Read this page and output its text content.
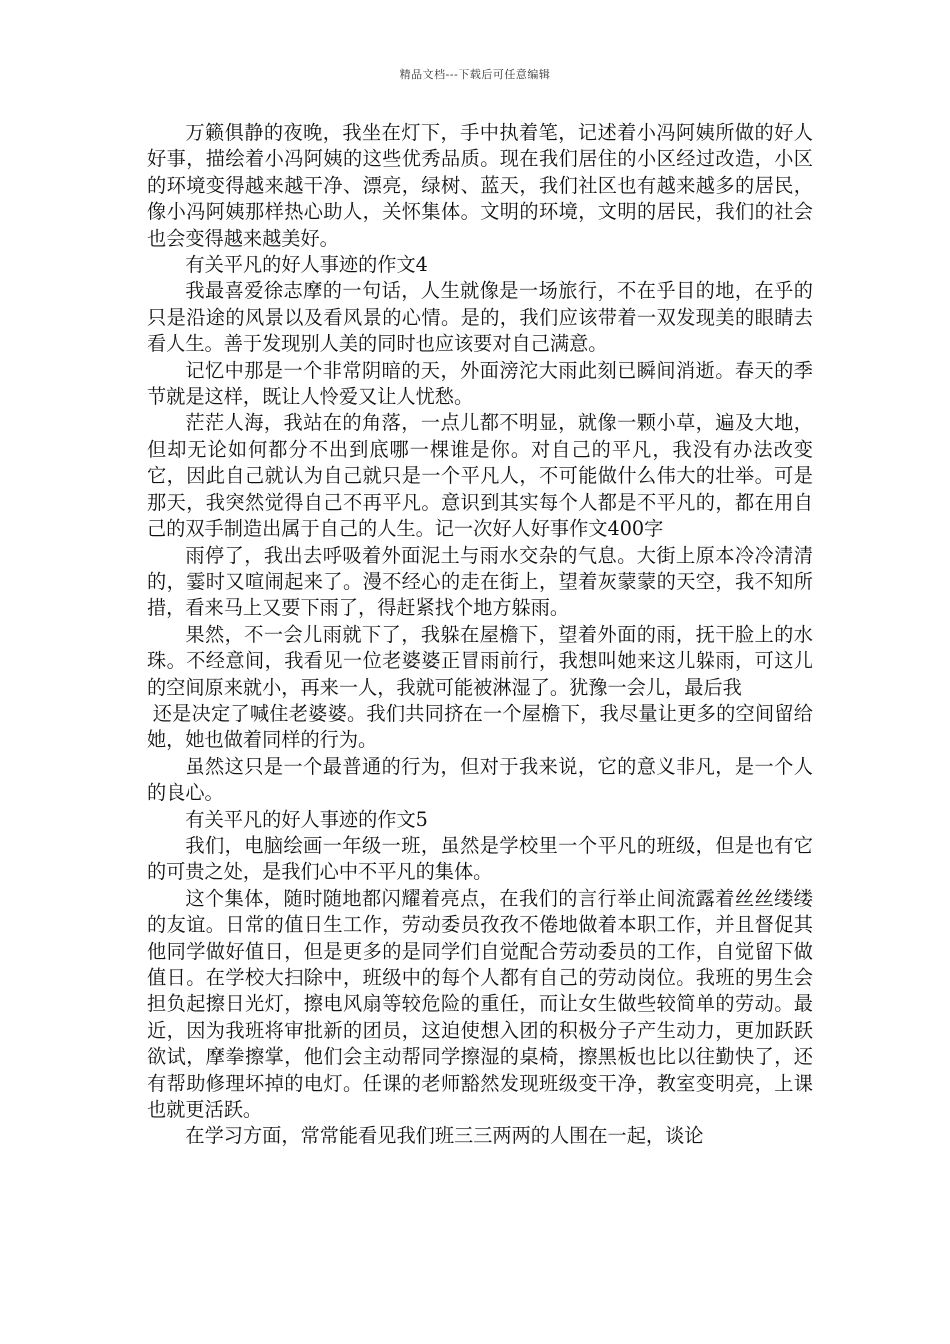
精品文档---下载后可任意编辑

万籁俱静的夜晚，我坐在灯下，手中执着笔，记述着小冯阿姨所做的好人好事，描绘着小冯阿姨的这些优秀品质。现在我们居住的小区经过改造，小区的环境变得越来越干净、漂亮，绿树、蓝天，我们社区也有越来越多的居民，像小冯阿姨那样热心助人，关怀集体。文明的环境，文明的居民，我们的社会也会变得越来越美好。

有关平凡的好人事迹的作文4

我最喜爱徐志摩的一句话，人生就像是一场旅行，不在乎目的地，在乎的只是沿途的风景以及看风景的心情。是的，我们应该带着一双发现美的眼睛去看人生。善于发现别人美的同时也应该要对自己满意。

记忆中那是一个非常阴暗的天，外面滂沱大雨此刻已瞬间消逝。春天的季节就是这样，既让人怜爱又让人忧愁。

茫茫人海，我站在的角落，一点儿都不明显，就像一颗小草，遍及大地，但却无论如何都分不出到底哪一棵谁是你。对自己的平凡，我没有办法改变它，因此自己就认为自己就只是一个平凡人，不可能做什么伟大的壮举。可是那天，我突然觉得自己不再平凡。意识到其实每个人都是不平凡的，都在用自己的双手制造出属于自己的人生。记一次好人好事作文400字

雨停了，我出去呼吸着外面泥土与雨水交杂的气息。大街上原本冷冷清清的，霎时又喧闹起来了。漫不经心的走在街上，望着灰蒙蒙的天空，我不知所措，看来马上又要下雨了，得赶紧找个地方躲雨。

果然，不一会儿雨就下了，我躲在屋檐下，望着外面的雨，抚干脸上的水珠。不经意间，我看见一位老婆婆正冒雨前行，我想叫她来这儿躲雨，可这儿的空间原来就小，再来一人，我就可能被淋湿了。犹豫一会儿，最后我

还是决定了喊住老婆婆。我们共同挤在一个屋檐下，我尽量让更多的空间留给她，她也做着同样的行为。

虽然这只是一个最普通的行为，但对于我来说，它的意义非凡，是一个人的良心。

有关平凡的好人事迹的作文5

我们，电脑绘画一年级一班，虽然是学校里一个平凡的班级，但是也有它的可贵之处，是我们心中不平凡的集体。

这个集体，随时随地都闪耀着亮点，在我们的言行举止间流露着丝丝缕缕的友谊。日常的值日生工作，劳动委员孜孜不倦地做着本职工作，并且督促其他同学做好值日，但是更多的是同学们自觉配合劳动委员的工作，自觉留下做值日。在学校大扫除中，班级中的每个人都有自己的劳动岗位。我班的男生会担负起擦日光灯，擦电风扇等较危险的重任，而让女生做些较简单的劳动。最近，因为我班将审批新的团员，这迫使想入团的积极分子产生动力，更加跃跃欲试，摩拳擦掌，他们会主动帮同学擦湿的桌椅，擦黑板也比以往勤快了，还有帮助修理坏掉的电灯。任课的老师豁然发现班级变干净，教室变明亮，上课也就更活跃。

在学习方面，常常能看见我们班三三两两的人围在一起，谈论
